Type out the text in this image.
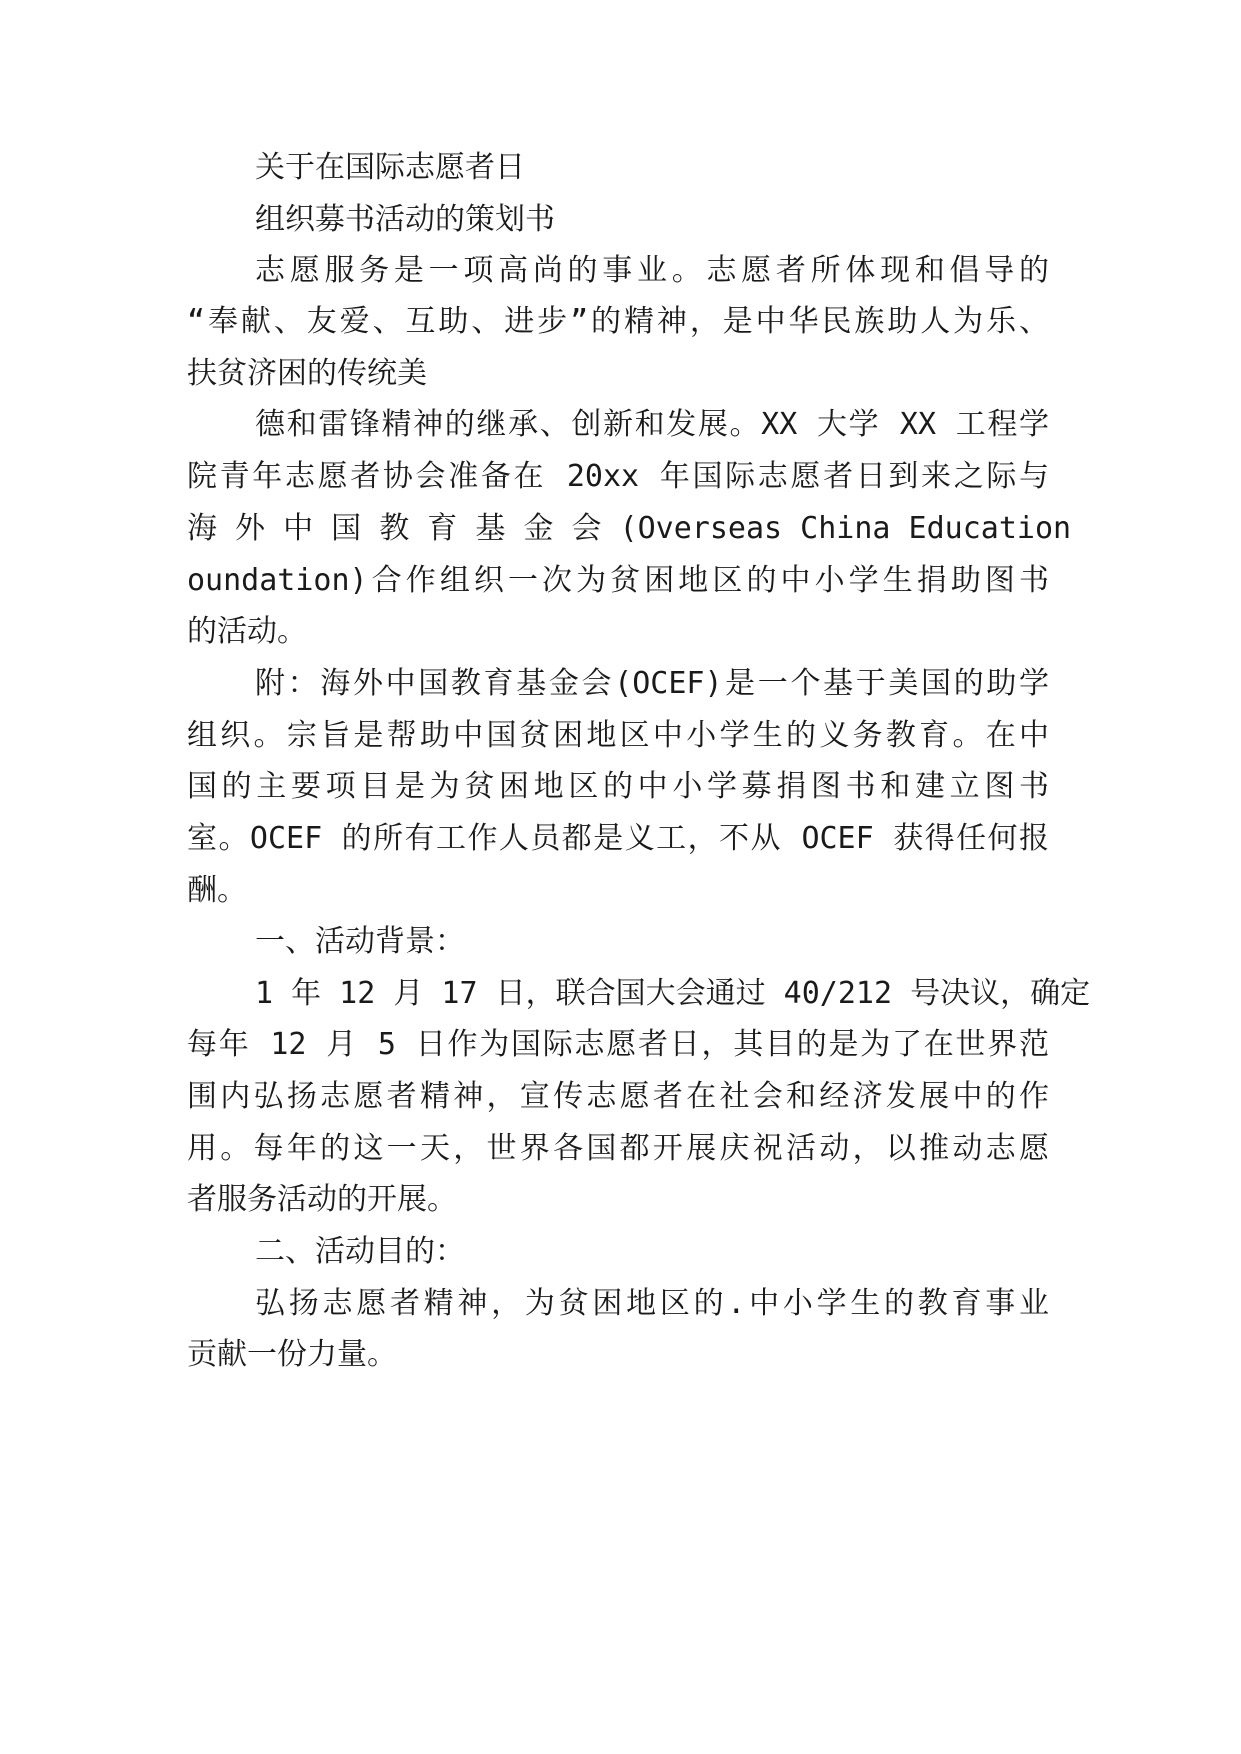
关于在国际志愿者日
组织募书活动的策划书
志愿服务是一项高尚的事业。志愿者所体现和倡导的
“奉献、友爱、互助、进步”的精神，是中华民族助人为乐、
扶贫济困的传统美
德和雷锋精神的继承、创新和发展。XX 大学 XX 工程学
院青年志愿者协会准备在 20xx 年国际志愿者日到来之际与
海 外 中 国 教 育 基 金 会 (Overseas China Education
oundation)合作组织一次为贫困地区的中小学生捐助图书
的活动。
附：海外中国教育基金会(OCEF)是一个基于美国的助学
组织。宗旨是帮助中国贫困地区中小学生的义务教育。在中
国的主要项目是为贫困地区的中小学募捐图书和建立图书
室。OCEF 的所有工作人员都是义工，不从 OCEF 获得任何报
酬。
一、活动背景：
1 年 12 月 17 日，联合国大会通过 40/212 号决议，确定
每年 12 月 5 日作为国际志愿者日，其目的是为了在世界范
围内弘扬志愿者精神，宣传志愿者在社会和经济发展中的作
用。每年的这一天，世界各国都开展庆祝活动，以推动志愿
者服务活动的开展。
二、活动目的：
弘扬志愿者精神，为贫困地区的.中小学生的教育事业
贡献一份力量。
